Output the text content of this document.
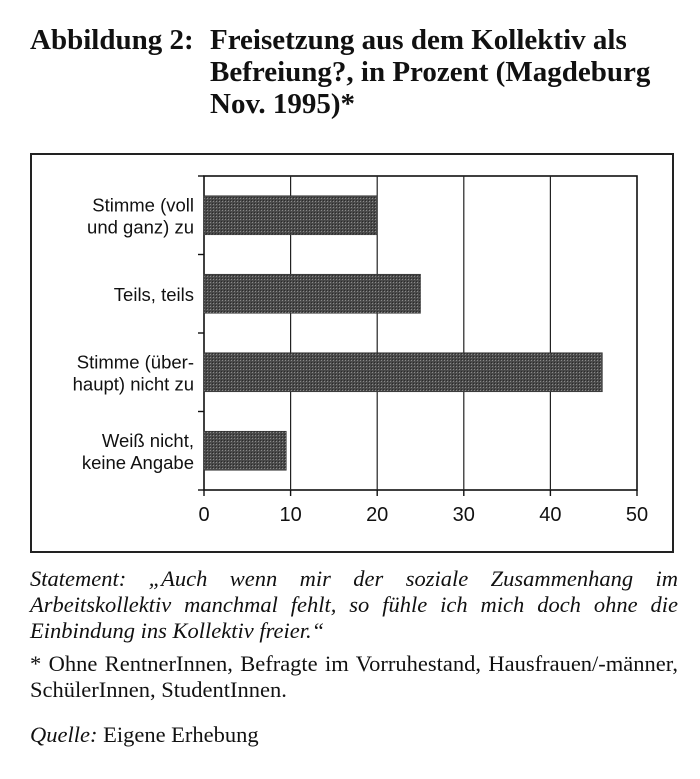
Abbildung 2: Freisetzung aus dem Kollektiv als Befreiung?, in Prozent (Magdeburg Nov. 1995)*
0	10	20	30	40	50
Stimme (voll und ganz) zu
Teils, teils
Stimme (über-haupt) nicht zu
Weiß nicht, keine Angabe
Statement: „Auch wenn mir der soziale Zusammenhang im Arbeitskollektiv manchmal fehlt, so fühle ich mich doch ohne die Einbindung ins Kollektiv freier.“
* Ohne RentnerInnen, Befragte im Vorruhestand, Hausfrauen/-männer, SchülerInnen, StudentInnen.
Quelle: Eigene Erhebung
